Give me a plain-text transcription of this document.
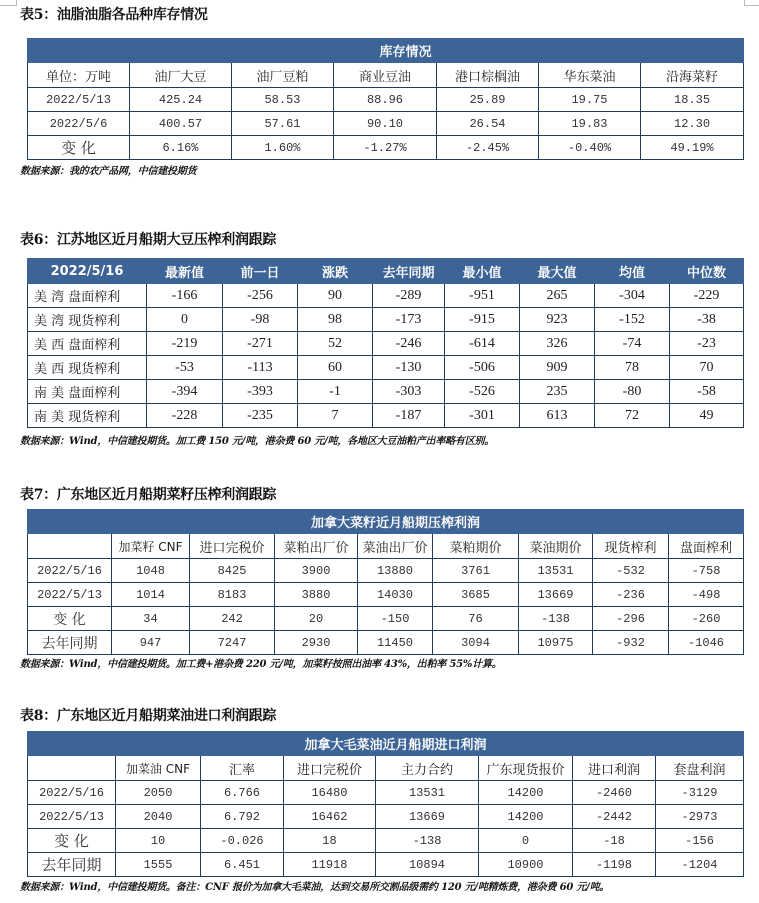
表5：油脂油脂各品种库存情况
库存情况						
单位：万吨	油厂大豆	油厂豆粕	商业豆油	港口棕榈油	华东菜油	沿海菜籽
2022/5/13	425.24	58.53	88.96	25.89	19.75	18.35
2022/5/6	400.57	57.61	90.10	26.54	19.83	12.30
变 化	6.16%	1.60%	-1.27%	-2.45%	-0.40%	49.19%
数据来源：我的农产品网，中信建投期货
表6：江苏地区近月船期大豆压榨利润跟踪
2022/5/16	最新值	前一日	涨跌	去年同期	最小值	最大值	均值	中位数
美 湾 盘面榨利	-166	-256	90	-289	-951	265	-304	-229
美 湾 现货榨利	0	-98	98	-173	-915	923	-152	-38
美 西 盘面榨利	-219	-271	52	-246	-614	326	-74	-23
美 西 现货榨利	-53	-113	60	-130	-506	909	78	70
南 美 盘面榨利	-394	-393	-1	-303	-526	235	-80	-58
南 美 现货榨利	-228	-235	7	-187	-301	613	72	49
数据来源：Wind，中信建投期货。加工费 150 元/吨，港杂费 60 元/吨，各地区大豆油粕产出率略有区别。
表7：广东地区近月船期菜籽压榨利润跟踪
加拿大菜籽近月船期压榨利润								
	加菜籽 CNF	进口完税价	菜粕出厂价	菜油出厂价	菜粕期价	菜油期价	现货榨利	盘面榨利
2022/5/16	1048	8425	3900	13880	3761	13531	-532	-758
2022/5/13	1014	8183	3880	14030	3685	13669	-236	-498
变 化	34	242	20	-150	76	-138	-296	-260
去年同期	947	7247	2930	11450	3094	10975	-932	-1046
数据来源：Wind，中信建投期货。加工费+港杂费 220 元/吨，加菜籽按照出油率 43%，出粕率 55%计算。
表8：广东地区近月船期菜油进口利润跟踪
加拿大毛菜油近月船期进口利润							
	加菜油 CNF	汇率	进口完税价	主力合约	广东现货报价	进口利润	套盘利润
2022/5/16	2050	6.766	16480	13531	14200	-2460	-3129
2022/5/13	2040	6.792	16462	13669	14200	-2442	-2973
变 化	10	-0.026	18	-138	0	-18	-156
去年同期	1555	6.451	11918	10894	10900	-1198	-1204
数据来源：Wind，中信建投期货。备注：CNF 报价为加拿大毛菜油，达到交易所交割品级需约 120 元/吨精炼费，港杂费 60 元/吨。
